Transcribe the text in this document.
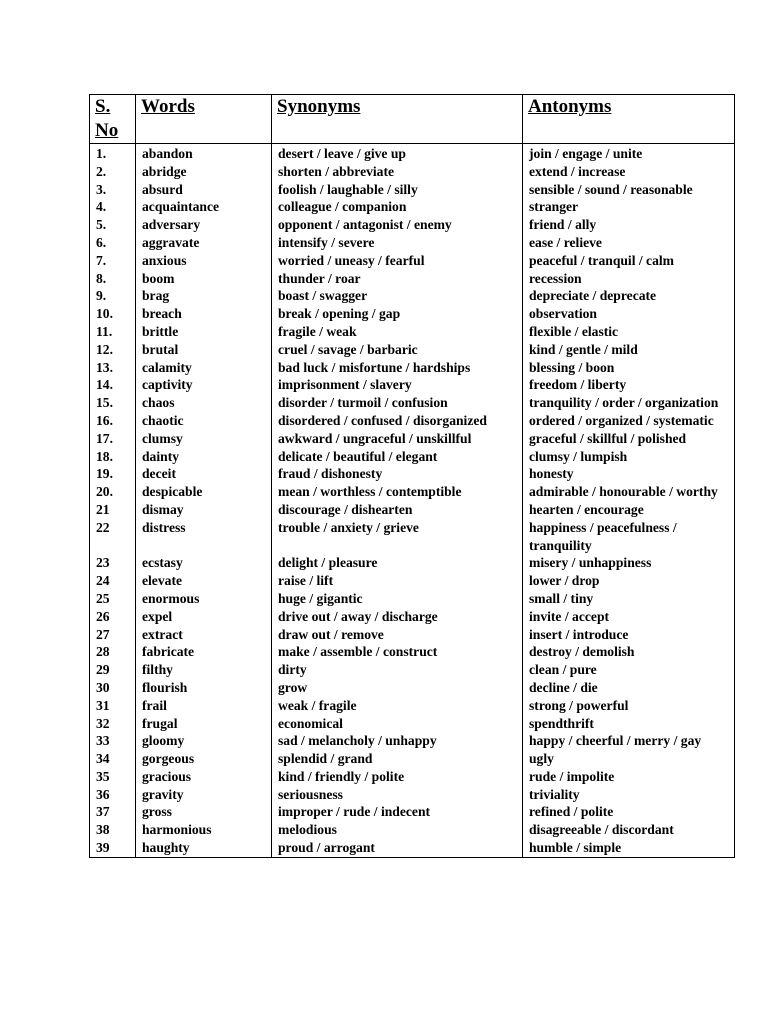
S. No	Words	Synonyms	Antonyms
1.	abandon	desert / leave / give up	join / engage / unite
2.	abridge	shorten / abbreviate	extend / increase
3.	absurd	foolish / laughable / silly	sensible / sound / reasonable
4.	acquaintance	colleague / companion	stranger
5.	adversary	opponent / antagonist / enemy	friend / ally
6.	aggravate	intensify / severe	ease / relieve
7.	anxious	worried / uneasy / fearful	peaceful / tranquil / calm
8.	boom	thunder / roar	recession
9.	brag	boast / swagger	depreciate / deprecate
10.	breach	break / opening / gap	observation
11.	brittle	fragile / weak	flexible / elastic
12.	brutal	cruel / savage / barbaric	kind / gentle / mild
13.	calamity	bad luck / misfortune / hardships	blessing / boon
14.	captivity	imprisonment / slavery	freedom / liberty
15.	chaos	disorder / turmoil / confusion	tranquility / order / organization
16.	chaotic	disordered / confused / disorganized	ordered / organized / systematic
17.	clumsy	awkward / ungraceful / unskillful	graceful / skillful / polished
18.	dainty	delicate / beautiful / elegant	clumsy / lumpish
19.	deceit	fraud / dishonesty	honesty
20.	despicable	mean / worthless / contemptible	admirable / honourable / worthy
21	dismay	discourage / dishearten	hearten / encourage
22	distress	trouble / anxiety / grieve	happiness / peacefulness / tranquility
23	ecstasy	delight / pleasure	misery / unhappiness
24	elevate	raise / lift	lower / drop
25	enormous	huge / gigantic	small / tiny
26	expel	drive out / away / discharge	invite / accept
27	extract	draw out / remove	insert / introduce
28	fabricate	make / assemble / construct	destroy / demolish
29	filthy	dirty	clean / pure
30	flourish	grow	decline / die
31	frail	weak / fragile	strong / powerful
32	frugal	economical	spendthrift
33	gloomy	sad / melancholy / unhappy	happy / cheerful / merry / gay
34	gorgeous	splendid / grand	ugly
35	gracious	kind / friendly / polite	rude / impolite
36	gravity	seriousness	triviality
37	gross	improper / rude / indecent	refined / polite
38	harmonious	melodious	disagreeable / discordant
39	haughty	proud / arrogant	humble / simple
